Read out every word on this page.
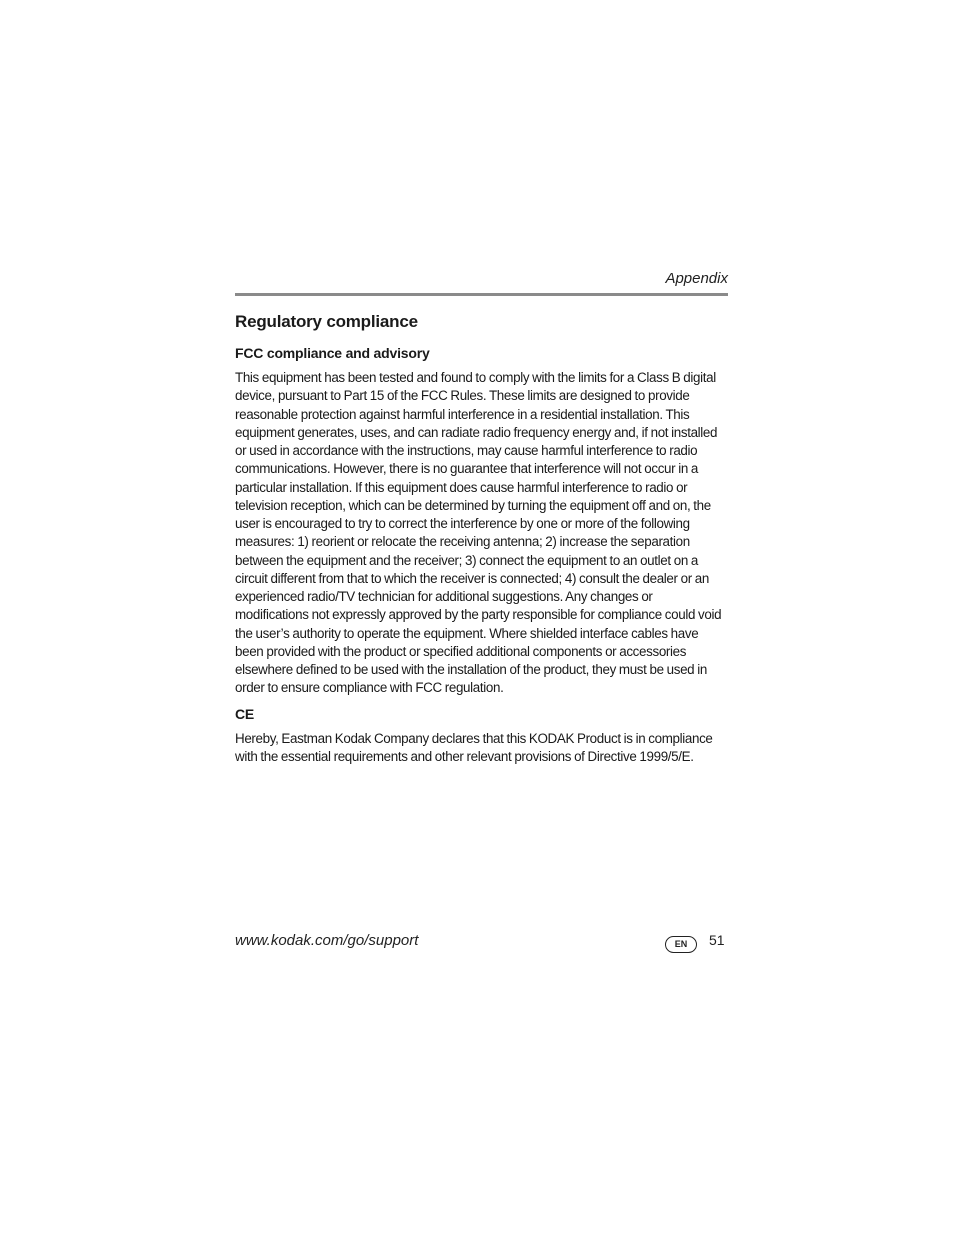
Appendix
Regulatory compliance
FCC compliance and advisory

This equipment has been tested and found to comply with the limits for a Class B digital device, pursuant to Part 15 of the FCC Rules. These limits are designed to provide reasonable protection against harmful interference in a residential installation. This equipment generates, uses, and can radiate radio frequency energy and, if not installed or used in accordance with the instructions, may cause harmful interference to radio communications. However, there is no guarantee that interference will not occur in a particular installation. If this equipment does cause harmful interference to radio or television reception, which can be determined by turning the equipment off and on, the user is encouraged to try to correct the interference by one or more of the following measures: 1) reorient or relocate the receiving antenna; 2) increase the separation between the equipment and the receiver; 3) connect the equipment to an outlet on a circuit different from that to which the receiver is connected; 4) consult the dealer or an experienced radio/TV technician for additional suggestions. Any changes or modifications not expressly approved by the party responsible for compliance could void the user’s authority to operate the equipment. Where shielded interface cables have been provided with the product or specified additional components or accessories elsewhere defined to be used with the installation of the product, they must be used in order to ensure compliance with FCC regulation.

CE

Hereby, Eastman Kodak Company declares that this KODAK Product is in compliance with the essential requirements and other relevant provisions of Directive 1999/5/E.

www.kodak.com/go/support	EN	51
